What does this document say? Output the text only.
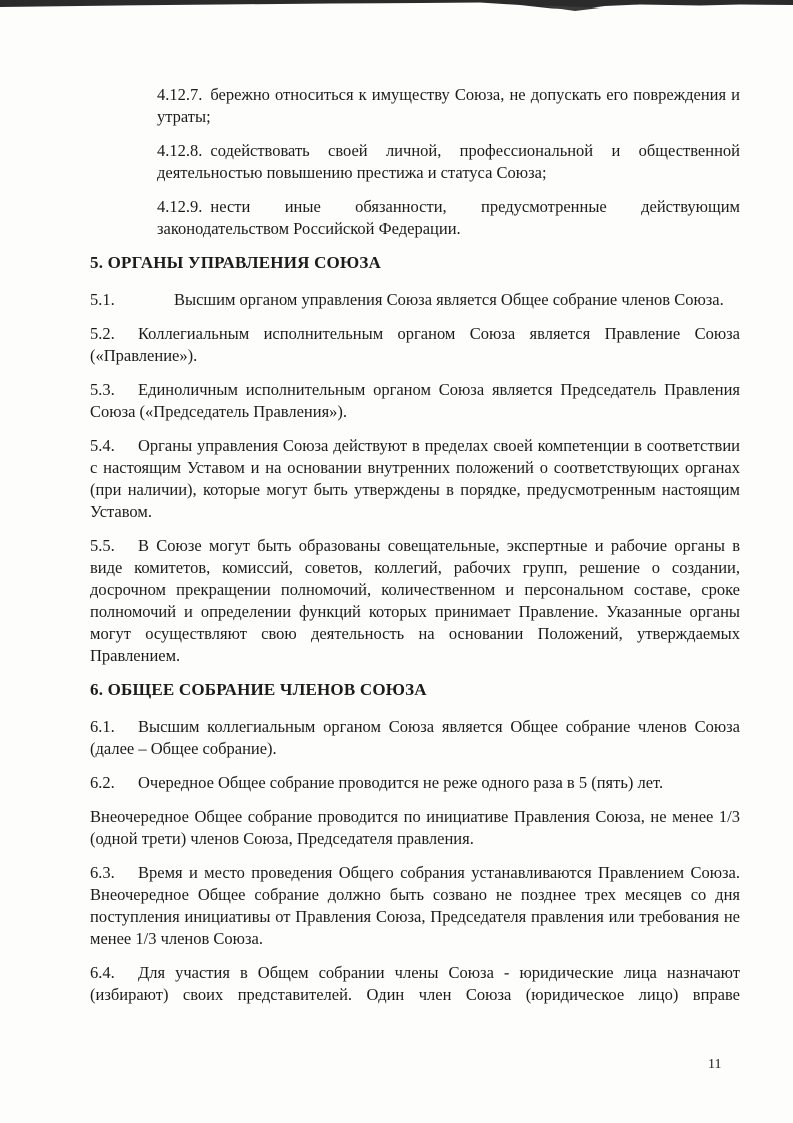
4.12.7. бережно относиться к имуществу Союза, не допускать его повреждения и утраты;

4.12.8. содействовать своей личной, профессиональной и общественной деятельностью повышению престижа и статуса Союза;

4.12.9. нести иные обязанности, предусмотренные действующим законодательством Российской Федерации.

5. ОРГАНЫ УПРАВЛЕНИЯ СОЮЗА

5.1.	Высшим органом управления Союза является Общее собрание членов Союза.

5.2. Коллегиальным исполнительным органом Союза является Правление Союза («Правление»).

5.3. Единоличным исполнительным органом Союза является Председатель Правления Союза («Председатель Правления»).

5.4. Органы управления Союза действуют в пределах своей компетенции в соответствии с настоящим Уставом и на основании внутренних положений о соответствующих органах (при наличии), которые могут быть утверждены в порядке, предусмотренным настоящим Уставом.

5.5. В Союзе могут быть образованы совещательные, экспертные и рабочие органы в виде комитетов, комиссий, советов, коллегий, рабочих групп, решение о создании, досрочном прекращении полномочий, количественном и персональном составе, сроке полномочий и определении функций которых принимает Правление. Указанные органы могут осуществляют свою деятельность на основании Положений, утверждаемых Правлением.

6. ОБЩЕЕ СОБРАНИЕ ЧЛЕНОВ СОЮЗА

6.1. Высшим коллегиальным органом Союза является Общее собрание членов Союза (далее – Общее собрание).

6.2. Очередное Общее собрание проводится не реже одного раза в 5 (пять) лет.

Внеочередное Общее собрание проводится по инициативе Правления Союза, не менее 1/3 (одной трети) членов Союза, Председателя правления.

6.3. Время и место проведения Общего собрания устанавливаются Правлением Союза. Внеочередное Общее собрание должно быть созвано не позднее трех месяцев со дня поступления инициативы от Правления Союза, Председателя правления или требования не менее 1/3 членов Союза.

6.4. Для участия в Общем собрании члены Союза - юридические лица назначают (избирают) своих представителей. Один член Союза (юридическое лицо) вправе

11
